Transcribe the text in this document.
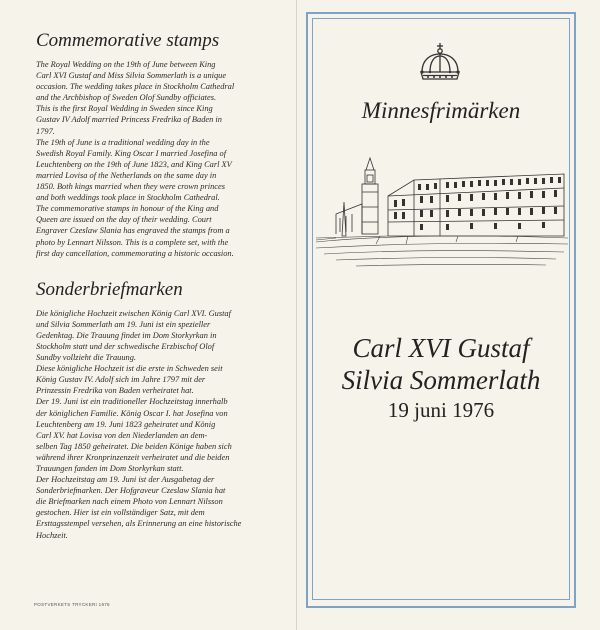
Commemorative stamps
The Royal Wedding on the 19th of June between King
Carl XVI Gustaf and Miss Silvia Sommerlath is a unique
occasion. The wedding takes place in Stockholm Cathedral
and the Archbishop of Sweden Olof Sundby officiates.
This is the first Royal Wedding in Sweden since King
Gustav IV Adolf married Princess Fredrika of Baden in
1797.
The 19th of June is a traditional wedding day in the
Swedish Royal Family. King Oscar I married Josefina of
Leuchtenberg on the 19th of June 1823, and King Carl XV
married Lovisa of the Netherlands on the same day in
1850. Both kings married when they were crown princes
and both weddings took place in Stockholm Cathedral.
The commemorative stamps in honour of the King and
Queen are issued on the day of their wedding. Court
Engraver Czeslaw Slania has engraved the stamps from a
photo by Lennart Nilsson. This is a complete set, with the
first day cancellation, commemorating a historic occasion.
Sonderbriefmarken
Die königliche Hochzeit zwischen König Carl XVI. Gustaf
und Silvia Sommerlath am 19. Juni ist ein spezieller
Gedenktag. Die Trauung findet im Dom Storkyrkan in
Stockholm statt und der schwedische Erzbischof Olof
Sundby vollzieht die Trauung.
Diese königliche Hochzeit ist die erste in Schweden seit
König Gustav IV. Adolf sich im Jahre 1797 mit der
Prinzessin Fredrika von Baden verheiratet hat.
Der 19. Juni ist ein traditioneller Hochzeitstag innerhalb
der königlichen Familie. König Oscar I. hat Josefina von
Leuchtenberg am 19. Juni 1823 geheiratet und König
Carl XV. hat Lovisa von den Niederlanden an dem-
selben Tag 1850 geheiratet. Die beiden Könige haben sich
während ihrer Kronprinzenzeit verheiratet und die beiden
Trauungen fanden im Dom Storkyrkan statt.
Der Hochzeitstag am 19. Juni ist der Ausgabetag der
Sonderbriefmarken. Der Hofgraveur Czeslaw Slania hat
die Briefmarken nach einem Photo von Lennart Nilsson
gestochen. Hier ist ein vollständiger Satz, mit dem
Ersttagsstempel versehen, als Erinnerung an eine historische
Hochzeit.
POSTVERKETS TRYCKERI 1976
Minnesfrimärken
Carl XVI Gustaf
Silvia Sommerlath
19 juni 1976
